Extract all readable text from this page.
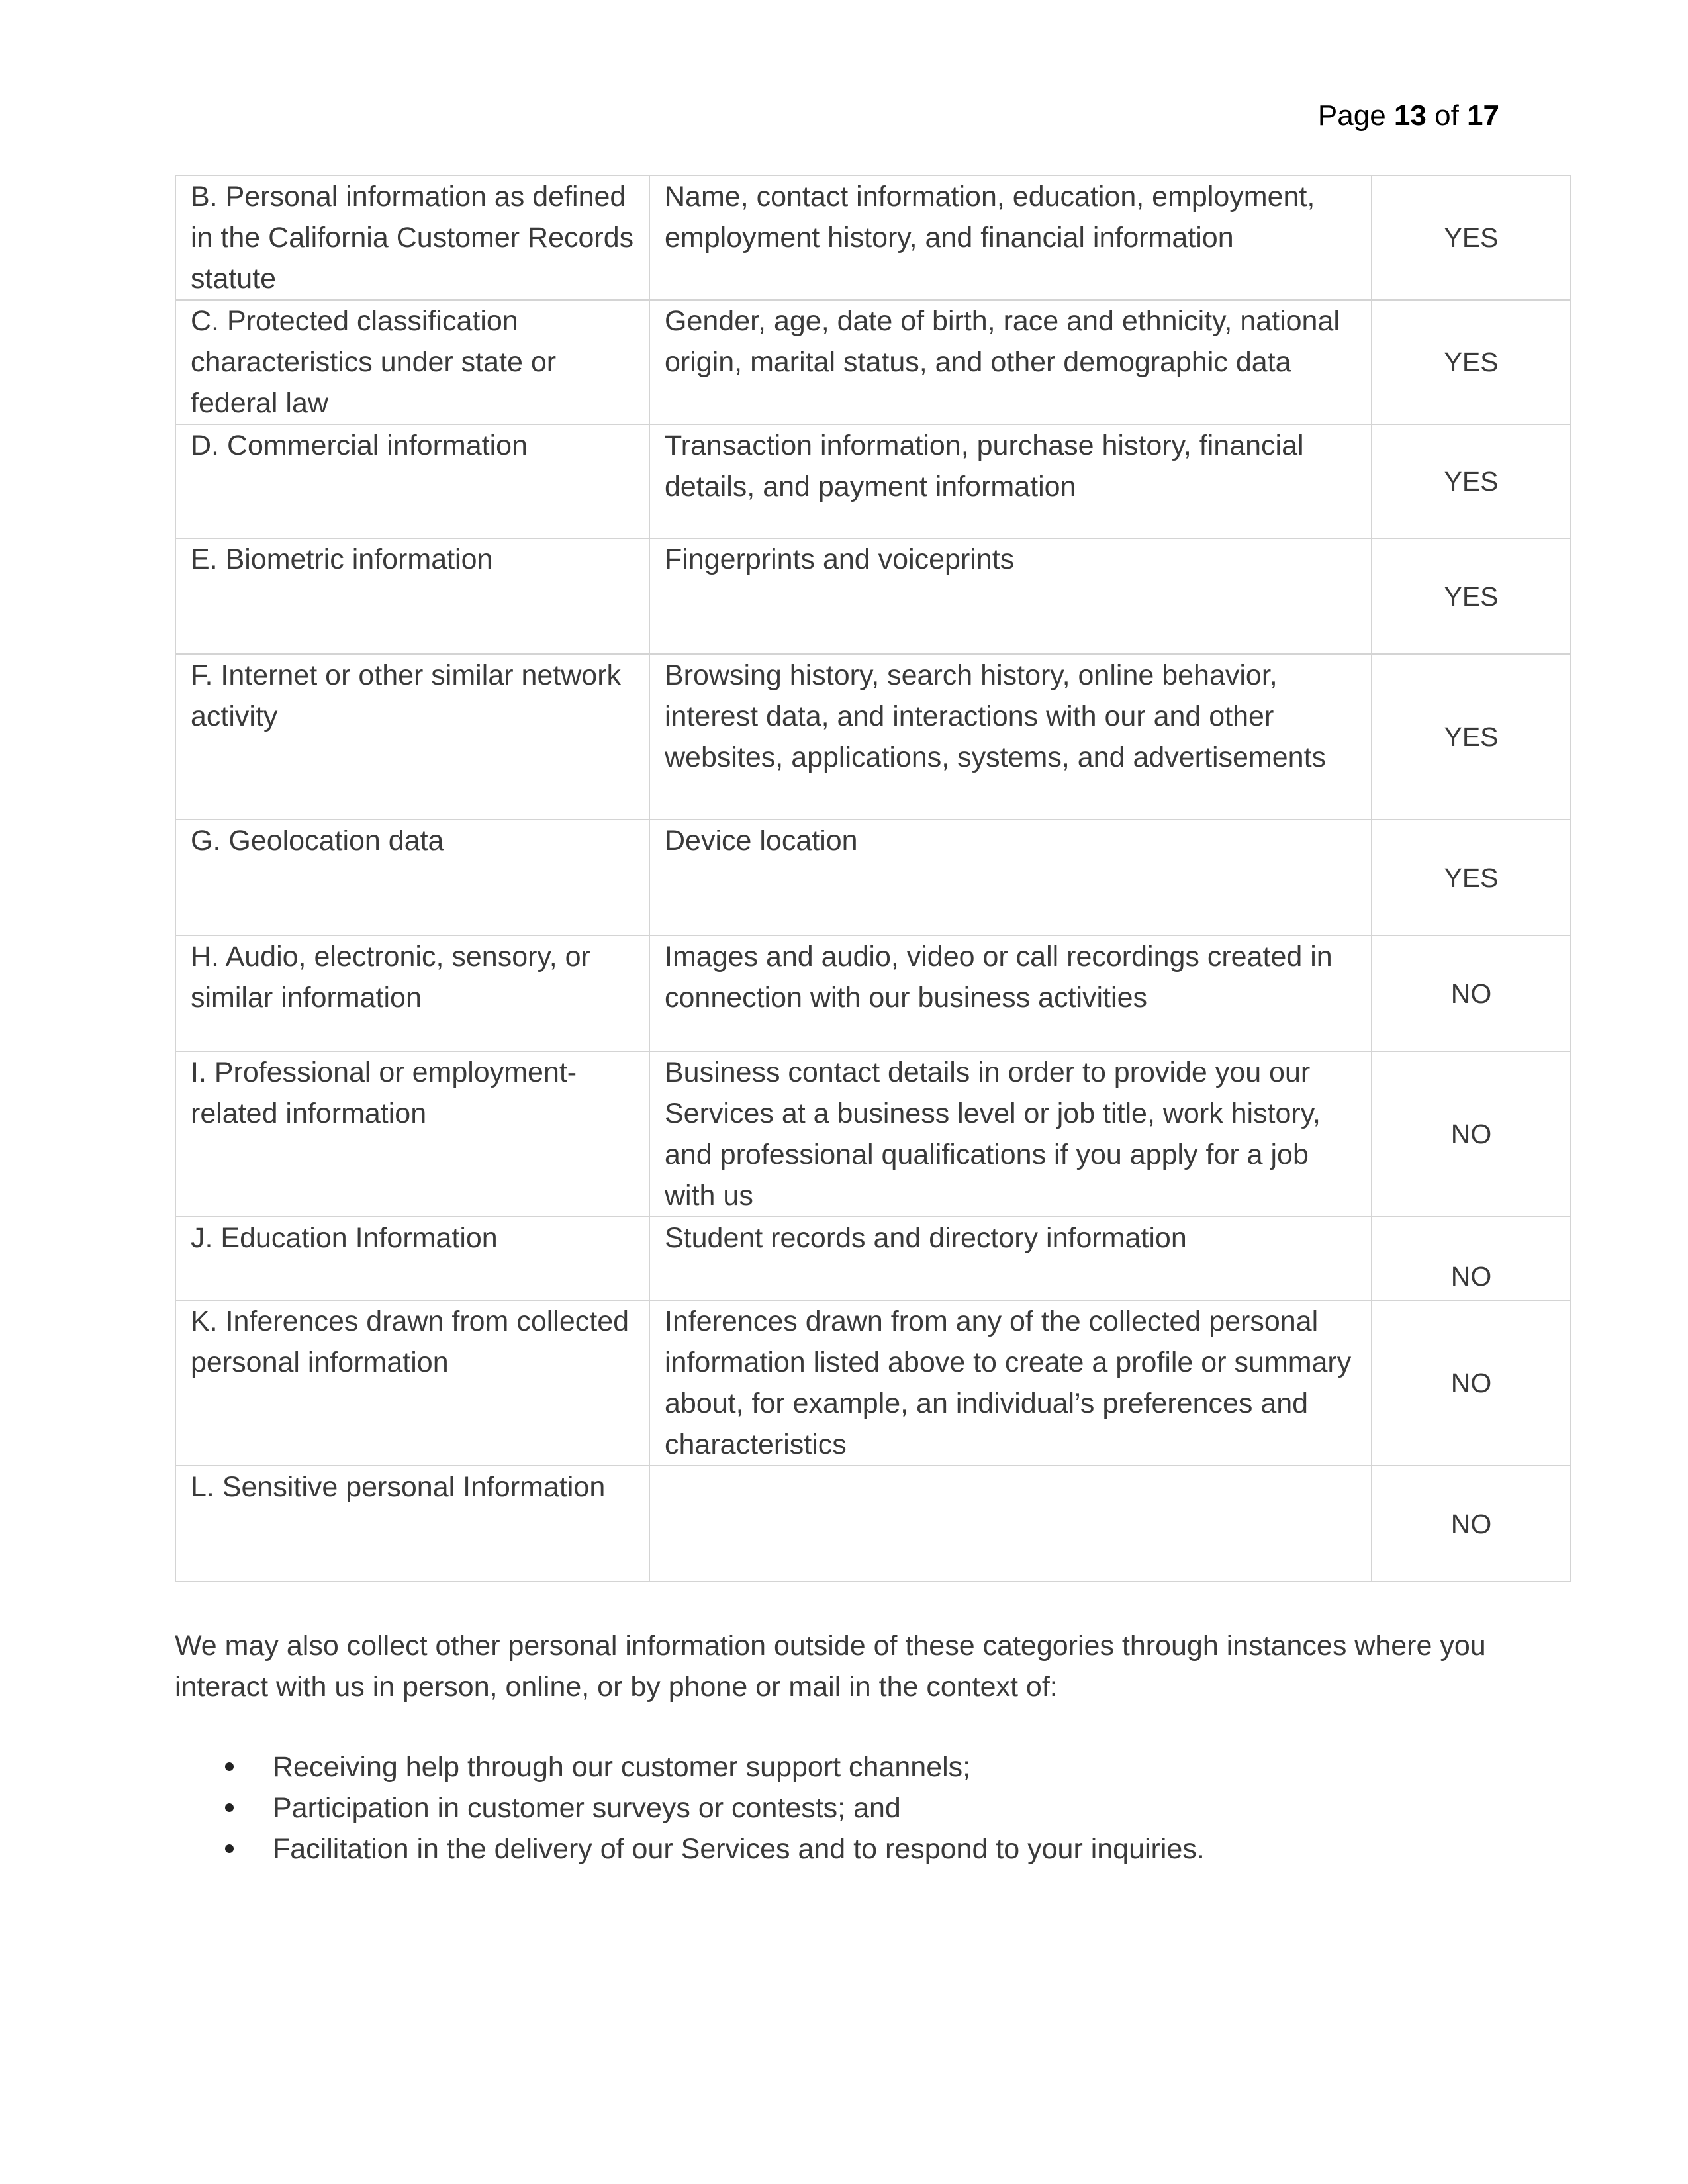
Page 13 of 17
B. Personal information as defined in the California Customer Records statute	Name, contact information, education, employment, employment history, and financial information	YES
C. Protected classification characteristics under state or federal law	Gender, age, date of birth, race and ethnicity, national origin, marital status, and other demographic data	YES
D. Commercial information	Transaction information, purchase history, financial details, and payment information	YES
E. Biometric information	Fingerprints and voiceprints	YES
F. Internet or other similar network activity	Browsing history, search history, online behavior, interest data, and interactions with our and other websites, applications, systems, and advertisements	YES
G. Geolocation data	Device location	YES
H. Audio, electronic, sensory, or similar information	Images and audio, video or call recordings created in connection with our business activities	NO
I. Professional or employment-related information	Business contact details in order to provide you our Services at a business level or job title, work history, and professional qualifications if you apply for a job with us	NO
J. Education Information	Student records and directory information	NO

K. Inferences drawn from collected personal information	Inferences drawn from any of the collected personal information listed above to create a profile or summary about, for example, an individual’s preferences and characteristics	NO
L. Sensitive personal Information		NO

We may also collect other personal information outside of these categories through instances where you interact with us in person, online, or by phone or mail in the context of:

Receiving help through our customer support channels;
Participation in customer surveys or contests; and
Facilitation in the delivery of our Services and to respond to your inquiries.
